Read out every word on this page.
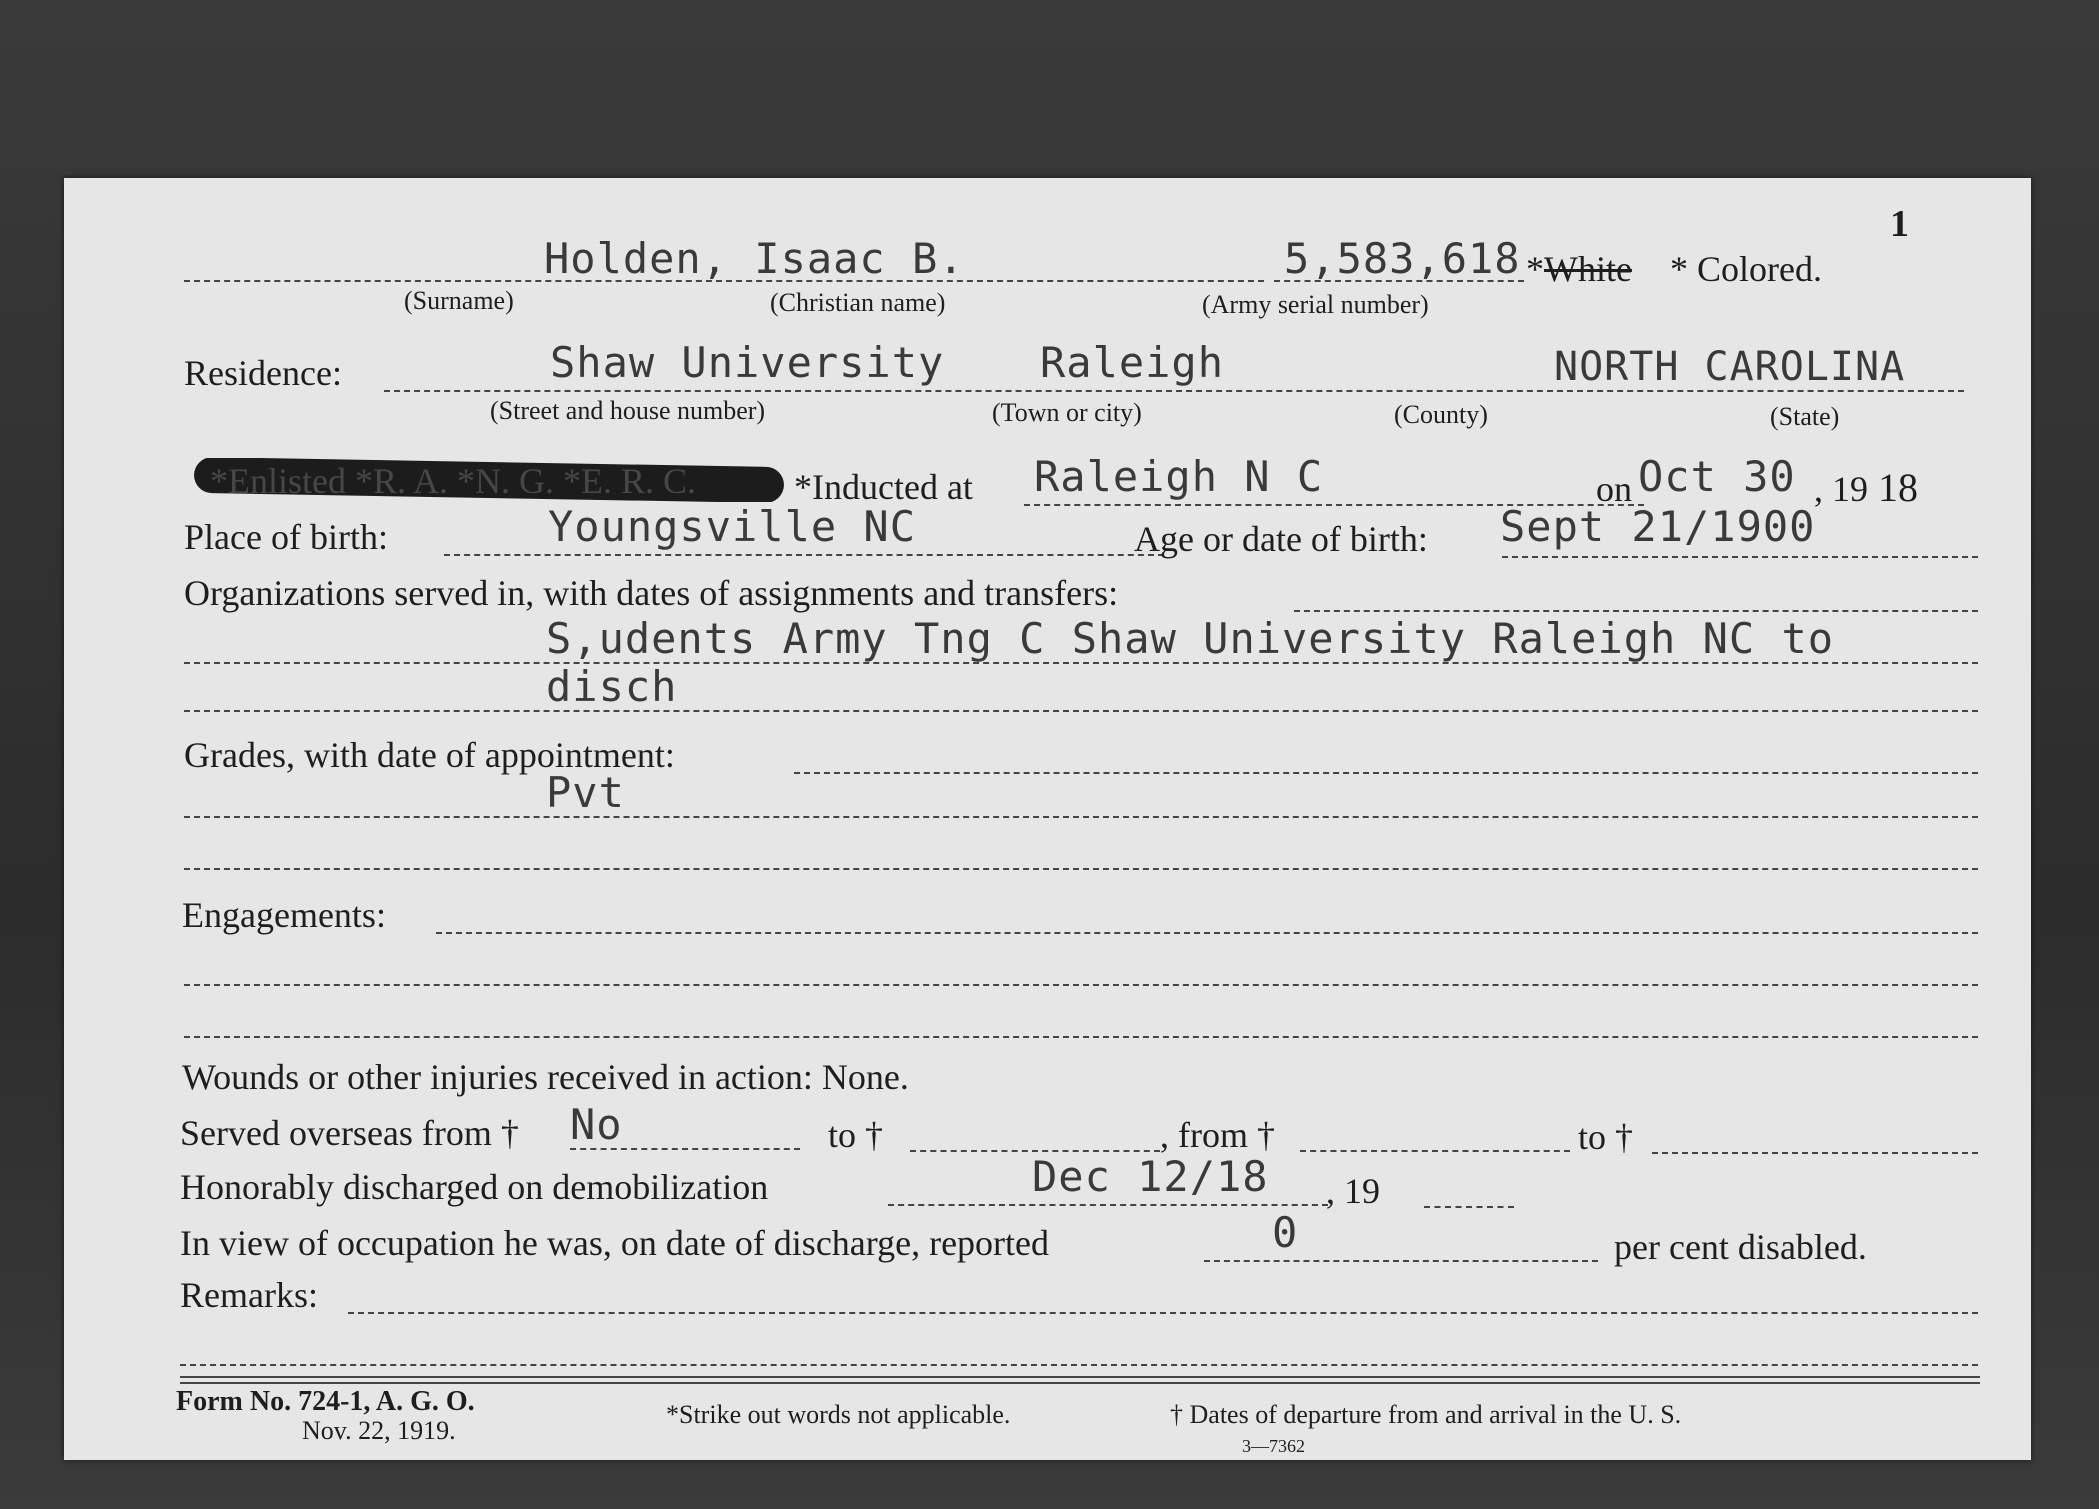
1
Holden, Isaac B.	5,583,618 * White * Colored.
(Surname)	(Christian name)	(Army serial number)
Residence:	Shaw University Raleigh	NORTH CAROLINA
(Street and house number)	(Town or city)	(County)	(State)
*Enlisted *R. A. *N. G. *E. R. C.	*Inducted at Raleigh N C	on Oct 30 , 19 18
Place of birth:	Youngsville NC	Age or date of birth: Sept 21/1900
Organizations served in, with dates of assignments and transfers:
S,udents Army Tng C Shaw University Raleigh NC to
disch
Grades, with date of appointment:
Pvt
Engagements:
Wounds or other injuries received in action: None.
Served overseas from † No	to †	, from †	to †
Honorably discharged on demobilization	Dec 12/18 , 19
In view of occupation he was, on date of discharge, reported	0	per cent disabled.
Remarks:
Form No. 724-1, A. G. O.
Nov. 22, 1919.
*Strike out words not applicable.	† Dates of departure from and arrival in the U. S.
3—7362
